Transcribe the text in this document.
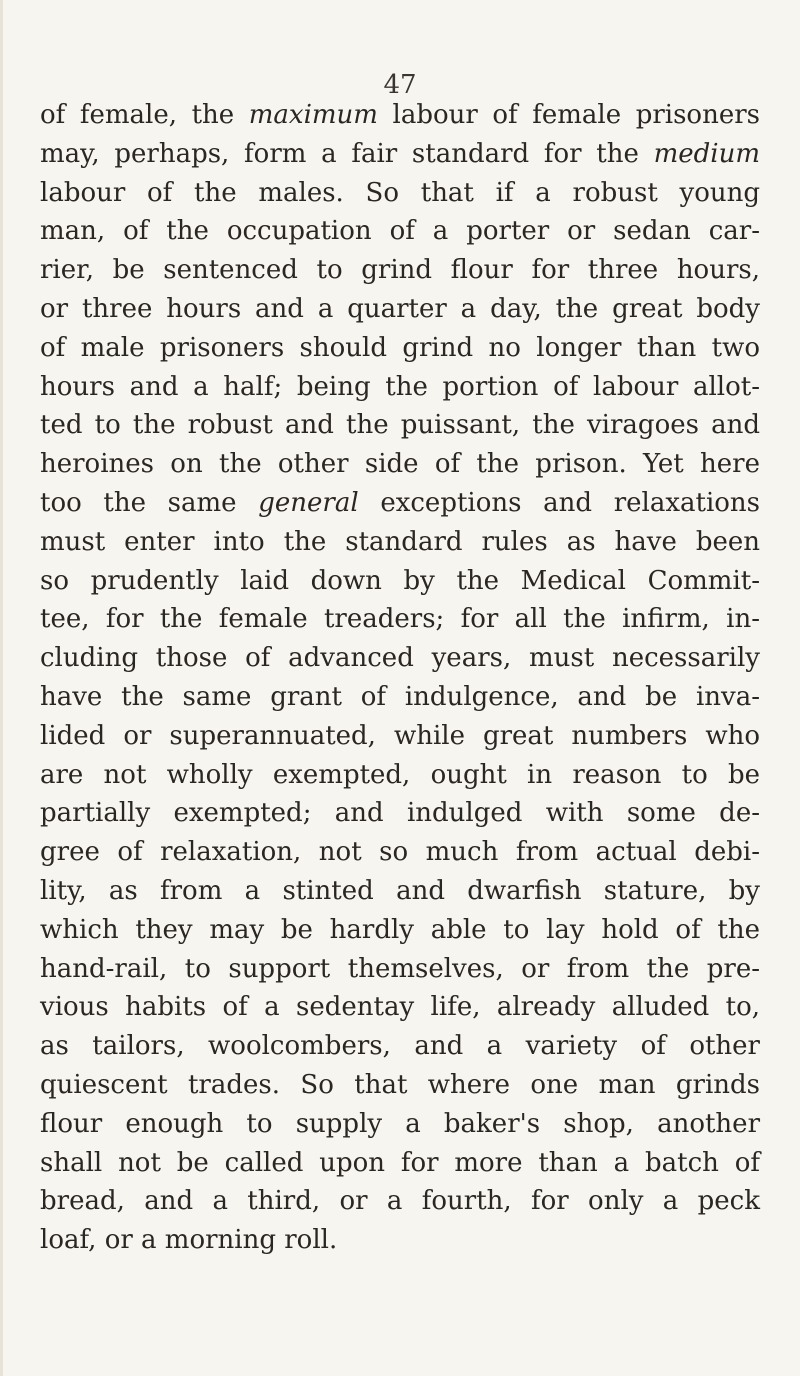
47
of female, the maximum labour of female prisoners
may, perhaps, form a fair standard for the medium
labour of the males. So that if a robust young
man, of the occupation of a porter or sedan car-
rier, be sentenced to grind flour for three hours,
or three hours and a quarter a day, the great body
of male prisoners should grind no longer than two
hours and a half; being the portion of labour allot-
ted to the robust and the puissant, the viragoes and
heroines on the other side of the prison. Yet here
too the same general exceptions and relaxations
must enter into the standard rules as have been
so prudently laid down by the Medical Commit-
tee, for the female treaders; for all the infirm, in-
cluding those of advanced years, must necessarily
have the same grant of indulgence, and be inva-
lided or superannuated, while great numbers who
are not wholly exempted, ought in reason to be
partially exempted; and indulged with some de-
gree of relaxation, not so much from actual debi-
lity, as from a stinted and dwarfish stature, by
which they may be hardly able to lay hold of the
hand-rail, to support themselves, or from the pre-
vious habits of a sedentay life, already alluded to,
as tailors, woolcombers, and a variety of other
quiescent trades. So that where one man grinds
flour enough to supply a baker's shop, another
shall not be called upon for more than a batch of
bread, and a third, or a fourth, for only a peck
loaf, or a morning roll.
